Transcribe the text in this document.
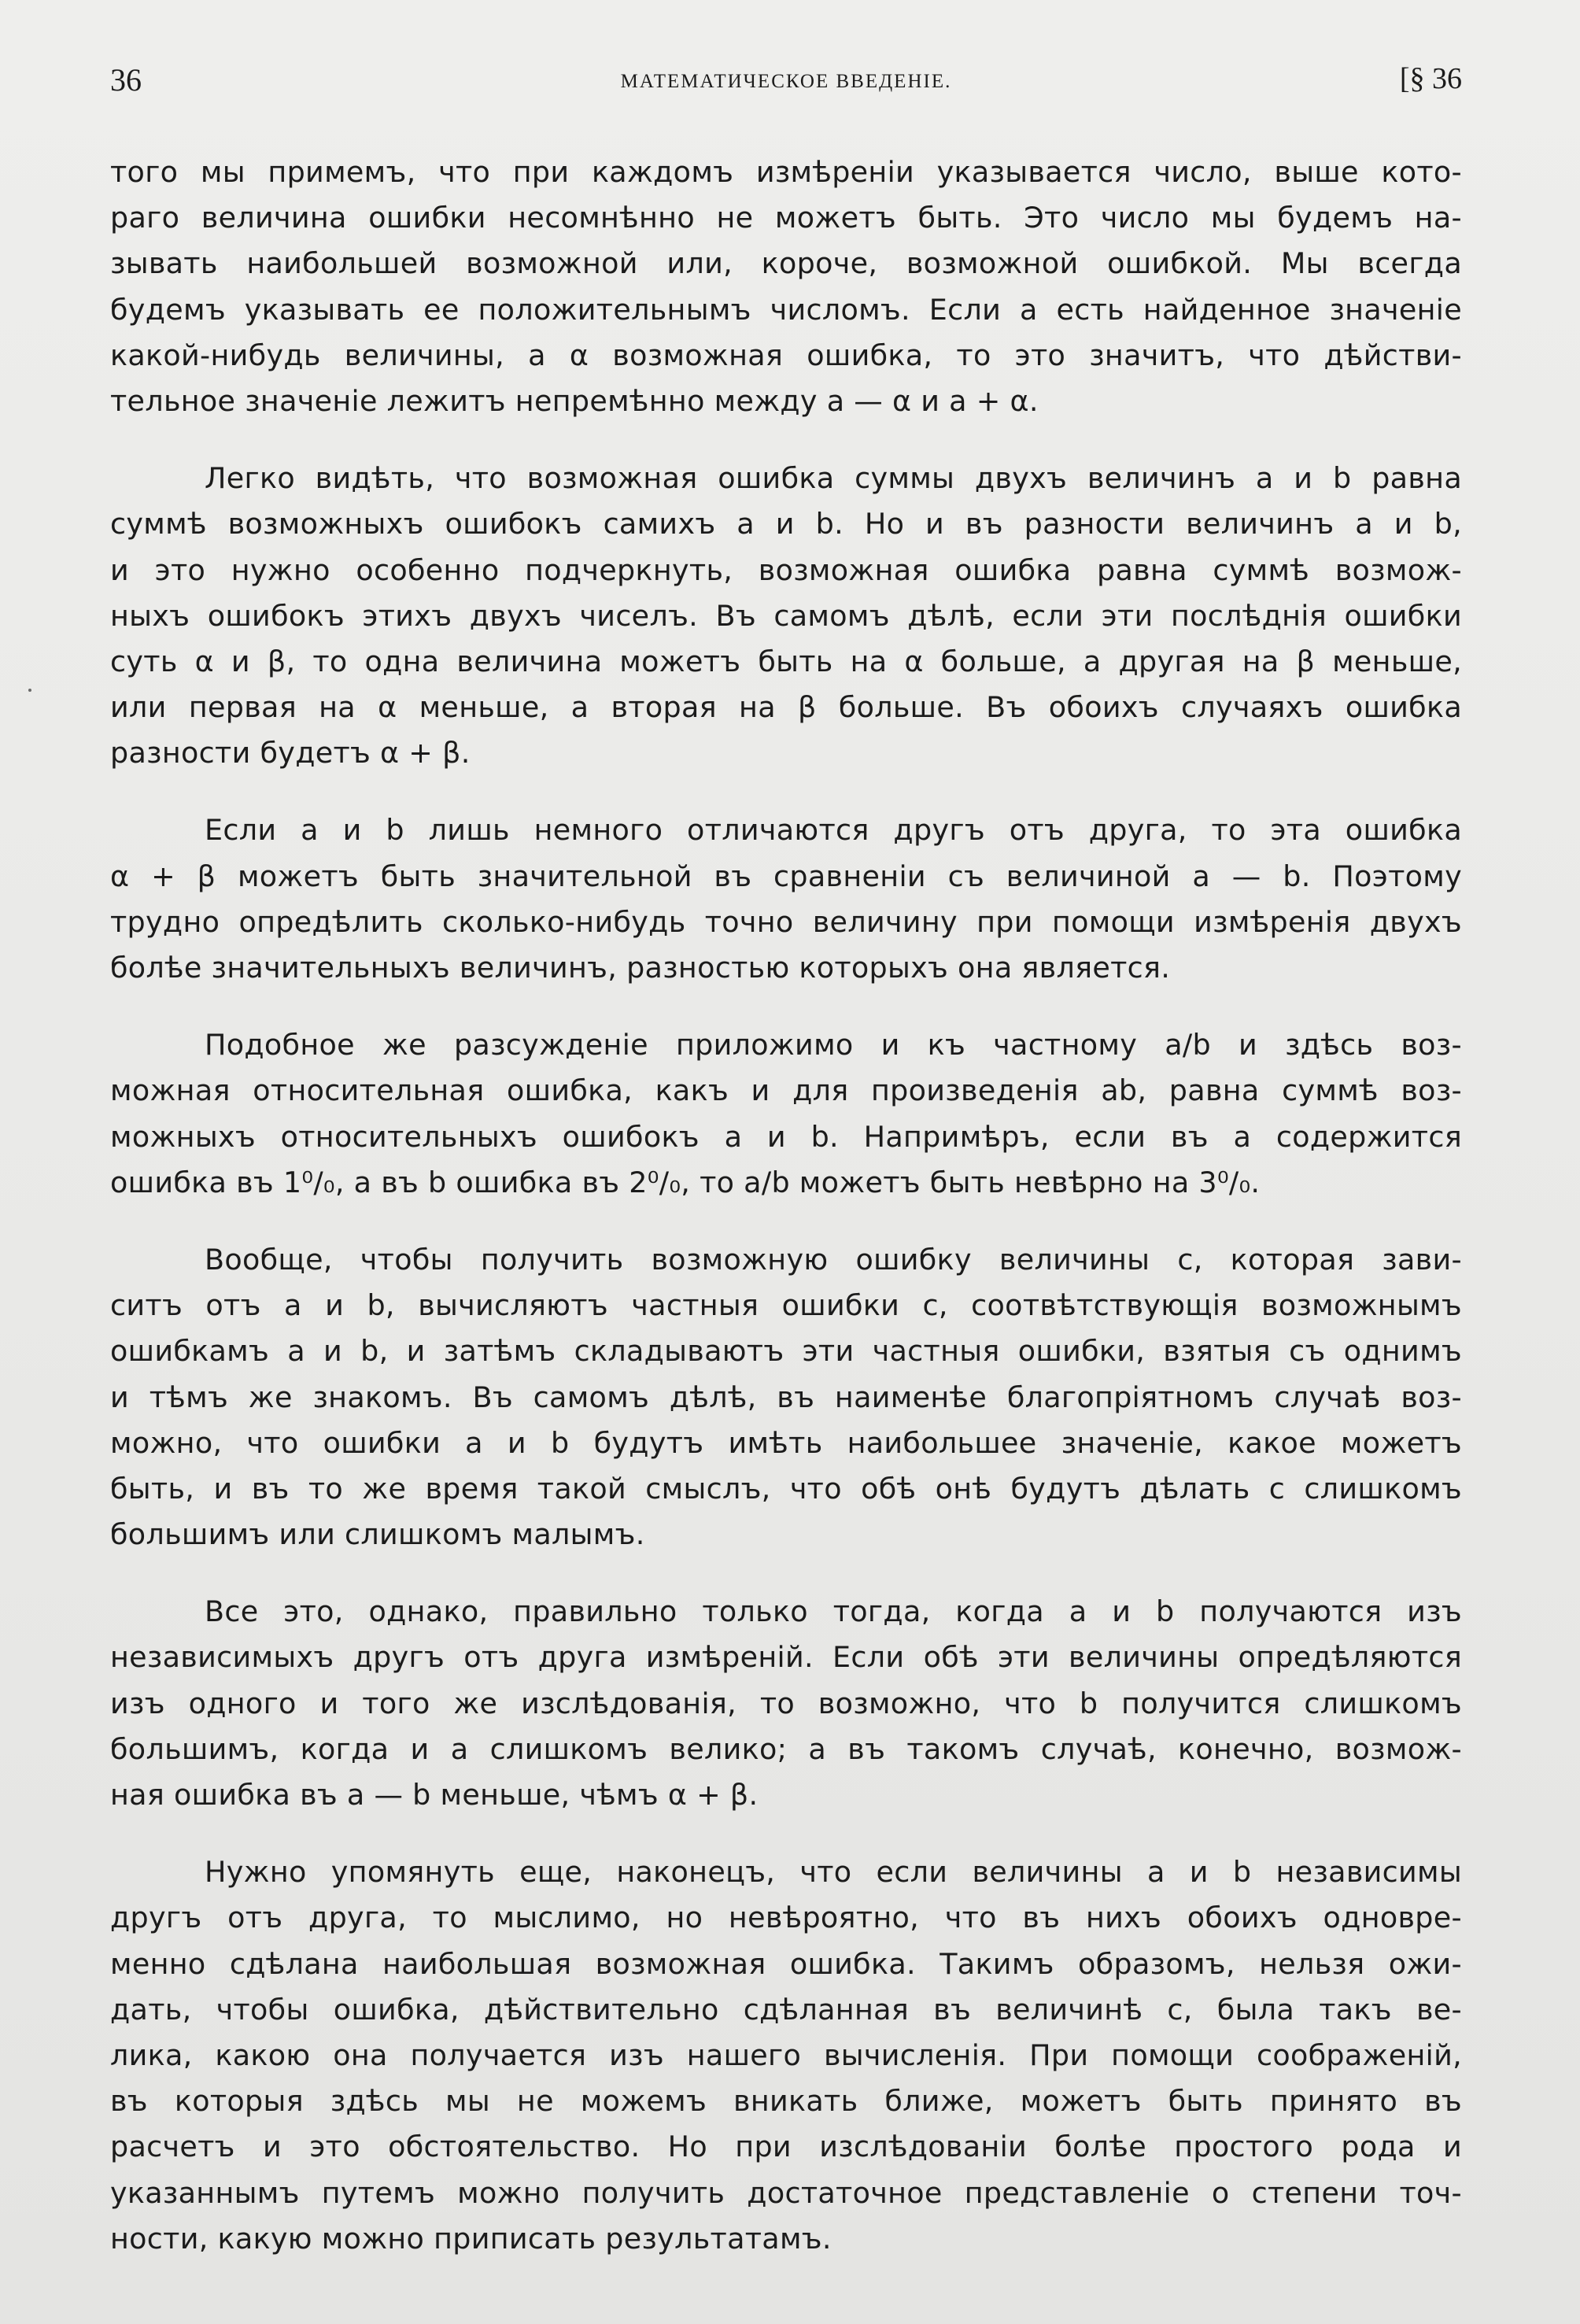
36	МАТЕМАТИЧЕСКОЕ ВВЕДЕНІЕ.	[§ 36
того мы примемъ, что при каждомъ измѣреніи указывается число, выше кото-
раго величина ошибки несомнѣнно не можетъ быть. Это число мы будемъ на-
зывать наибольшей возможной или, короче, возможной ошибкой. Мы всегда
будемъ указывать ее положительнымъ числомъ. Если a есть найденное значеніе
какой-нибудь величины, а α возможная ошибка, то это значитъ, что дѣйстви-
тельное значеніе лежитъ непремѣнно между a — α и a + α.
Легко видѣть, что возможная ошибка суммы двухъ величинъ a и b равна
суммѣ возможныхъ ошибокъ самихъ a и b. Но и въ разности величинъ a и b,
и это нужно особенно подчеркнуть, возможная ошибка равна суммѣ возмож-
ныхъ ошибокъ этихъ двухъ чиселъ. Въ самомъ дѣлѣ, если эти послѣднія ошибки
суть α и β, то одна величина можетъ быть на α больше, а другая на β меньше,
или первая на α меньше, а вторая на β больше. Въ обоихъ случаяхъ ошибка
разности будетъ α + β.
Если a и b лишь немного отличаются другъ отъ друга, то эта ошибка
α + β можетъ быть значительной въ сравненіи съ величиной a — b. Поэтому
трудно опредѣлить сколько-нибудь точно величину при помощи измѣренія двухъ
болѣе значительныхъ величинъ, разностью которыхъ она является.
Подобное же разсужденіе приложимо и къ частному a/b и здѣсь воз-
можная относительная ошибка, какъ и для произведенія ab, равна суммѣ воз-
можныхъ относительныхъ ошибокъ a и b. Напримѣръ, если въ a содержится
ошибка въ 1⁰/₀, а въ b ошибка въ 2⁰/₀, то a/b можетъ быть невѣрно на 3⁰/₀.
Вообще, чтобы получить возможную ошибку величины c, которая зави-
ситъ отъ a и b, вычисляютъ частныя ошибки c, соотвѣтствующія возможнымъ
ошибкамъ a и b, и затѣмъ складываютъ эти частныя ошибки, взятыя съ однимъ
и тѣмъ же знакомъ. Въ самомъ дѣлѣ, въ наименѣе благопріятномъ случаѣ воз-
можно, что ошибки a и b будутъ имѣть наибольшее значеніе, какое можетъ
быть, и въ то же время такой смыслъ, что обѣ онѣ будутъ дѣлать c слишкомъ
большимъ или слишкомъ малымъ.
Все это, однако, правильно только тогда, когда a и b получаются изъ
независимыхъ другъ отъ друга измѣреній. Если обѣ эти величины опредѣляются
изъ одного и того же изслѣдованія, то возможно, что b получится слишкомъ
большимъ, когда и a слишкомъ велико; а въ такомъ случаѣ, конечно, возмож-
ная ошибка въ a — b меньше, чѣмъ α + β.
Нужно упомянуть еще, наконецъ, что если величины a и b независимы
другъ отъ друга, то мыслимо, но невѣроятно, что въ нихъ обоихъ одновре-
менно сдѣлана наибольшая возможная ошибка. Такимъ образомъ, нельзя ожи-
дать, чтобы ошибка, дѣйствительно сдѣланная въ величинѣ c, была такъ ве-
лика, какою она получается изъ нашего вычисленія. При помощи соображеній,
въ которыя здѣсь мы не можемъ вникать ближе, можетъ быть принято въ
расчетъ и это обстоятельство. Но при изслѣдованіи болѣе простого рода и
указаннымъ путемъ можно получить достаточное представленіе о степени точ-
ности, какую можно приписать результатамъ.
